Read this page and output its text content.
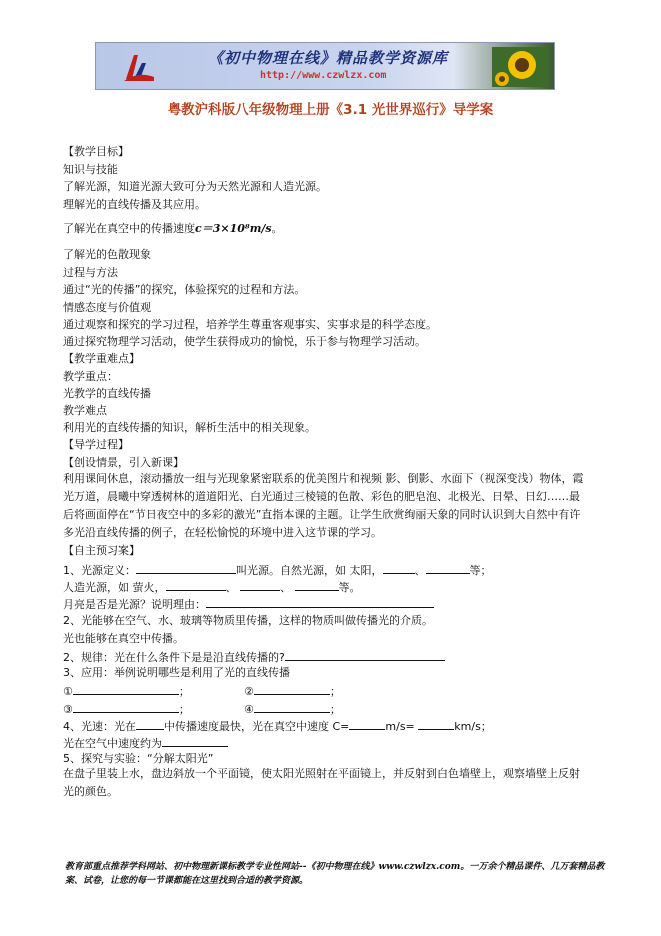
《初中物理在线》精品教学资源库
http://www.czwlzx.com
粤教沪科版八年级物理上册《3.1 光世界巡行》导学案
【教学目标】
知识与技能
了解光源，知道光源大致可分为天然光源和人造光源。
理解光的直线传播及其应用。
了解光在真空中的传播速度c＝3×10⁸m/s。
了解光的色散现象
过程与方法
通过“光的传播”的探究，体验探究的过程和方法。
情感态度与价值观
通过观察和探究的学习过程，培养学生尊重客观事实、实事求是的科学态度。
通过探究物理学习活动，使学生获得成功的愉悦，乐于参与物理学习活动。
【教学重难点】
教学重点：
光教学的直线传播
教学难点
利用光的直线传播的知识，解析生活中的相关现象。
【导学过程】
【创设情景，引入新课】
利用课间休息，滚动播放一组与光现象紧密联系的优美图片和视频 影、倒影、水面下（视深变浅）物体，霞光万道，晨曦中穿透树林的道道阳光、白光通过三棱镜的色散、彩色的肥皂泡、北极光、日晕、日幻……最后将画面停在“节日夜空中的多彩的激光”直指本课的主题。让学生欣赏绚丽天象的同时认识到大自然中有许多光沿直线传播的例子，在轻松愉悦的环境中进入这节课的学习。
【自主预习案】
1、光源定义：	叫光源。自然光源，如 太阳，	、	等；
人造光源，如 萤火，	、	、	等。
月亮是否是光源？说明理由：
2、光能够在空气、水、玻璃等物质里传播，这样的物质叫做传播光的介质。
光也能够在真空中传播。
2、规律：光在什么条件下是是沿直线传播的?
3、应用：举例说明哪些是利用了光的直线传播
①	；	②	；
③	；	④	；
4、光速：光在	中传播速度最快，光在真空中速度 C=	m/s=	km/s；
光在空气中速度约为
5、探究与实验：“分解太阳光”
在盘子里装上水，盘边斜放一个平面镜，使太阳光照射在平面镜上，并反射到白色墙壁上，观察墙壁上反射光的颜色。
教育部重点推荐学科网站、初中物理新课标教学专业性网站--《初中物理在线》www.czwlzx.com。一万余个精品课件、几万套精品教案、试卷，让您的每一节课都能在这里找到合适的教学资源。
